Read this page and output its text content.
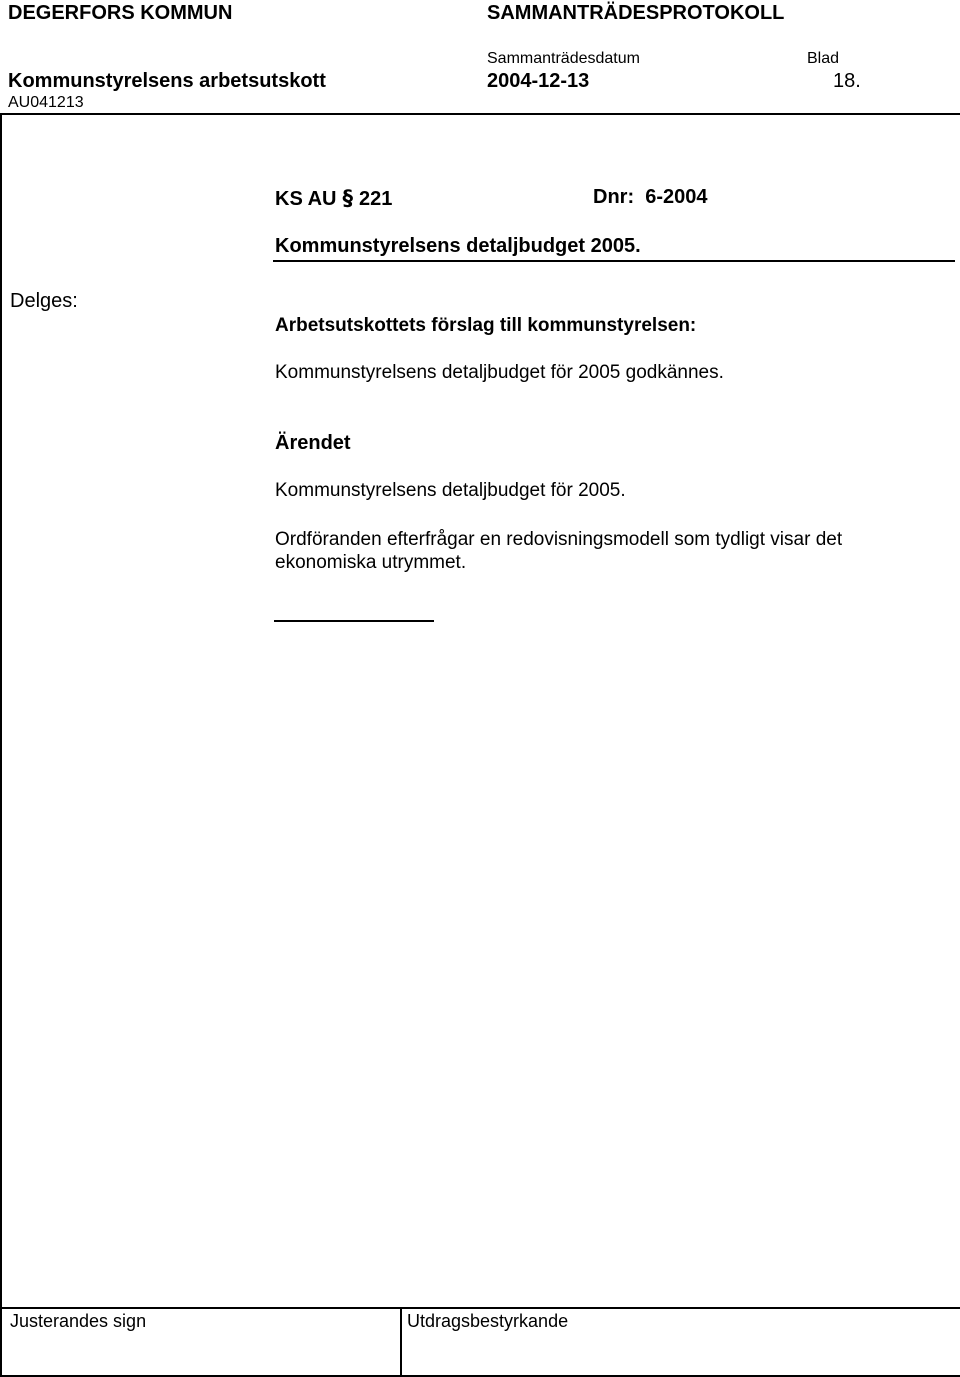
DEGERFORS KOMMUN	SAMMANTRÄDESPROTOKOLL
Kommunstyrelsens arbetsutskott
Sammanträdesdatum
2004-12-13
Blad
18.
AU041213
KS AU § 221	Dnr: 6-2004
Kommunstyrelsens detaljbudget 2005.
Delges:
Arbetsutskottets förslag till kommunstyrelsen:
Kommunstyrelsens detaljbudget för 2005 godkännes.
Ärendet
Kommunstyrelsens detaljbudget för 2005.
Ordföranden efterfrågar en redovisningsmodell som tydligt visar det ekonomiska utrymmet.
Justerandes sign	Utdragsbestyrkande
